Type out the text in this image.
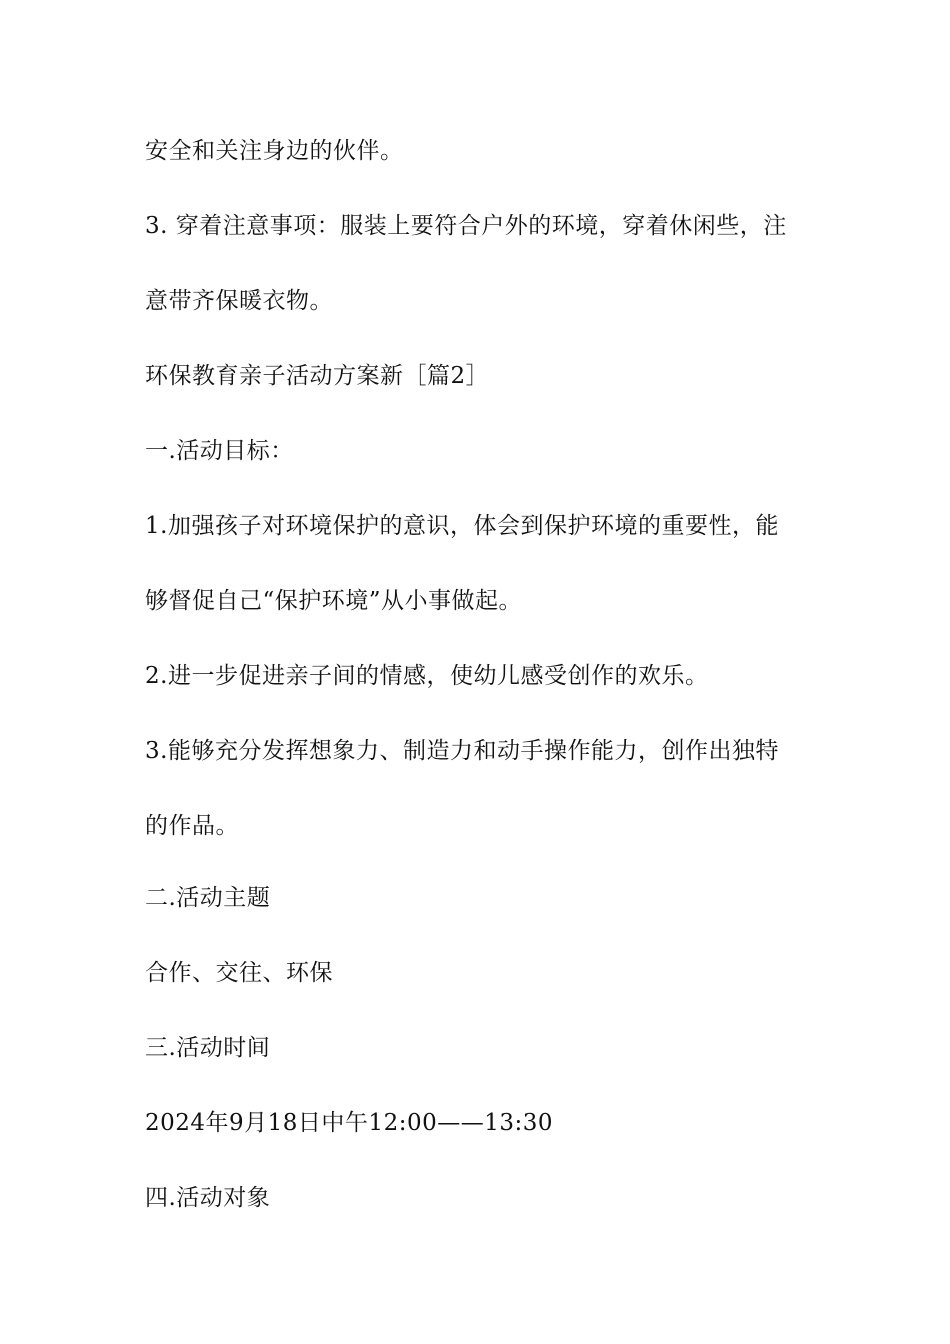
安全和关注身边的伙伴。
3. 穿着注意事项：服装上要符合户外的环境，穿着休闲些，注
意带齐保暖衣物。
环保教育亲子活动方案新［篇2］
一.活动目标：
1.加强孩子对环境保护的意识，体会到保护环境的重要性，能
够督促自己“保护环境”从小事做起。
2.进一步促进亲子间的情感，使幼儿感受创作的欢乐。
3.能够充分发挥想象力、制造力和动手操作能力，创作出独特
的作品。
二.活动主题
合作、交往、环保
三.活动时间
2024年9月18日中午12:00——13:30
四.活动对象
